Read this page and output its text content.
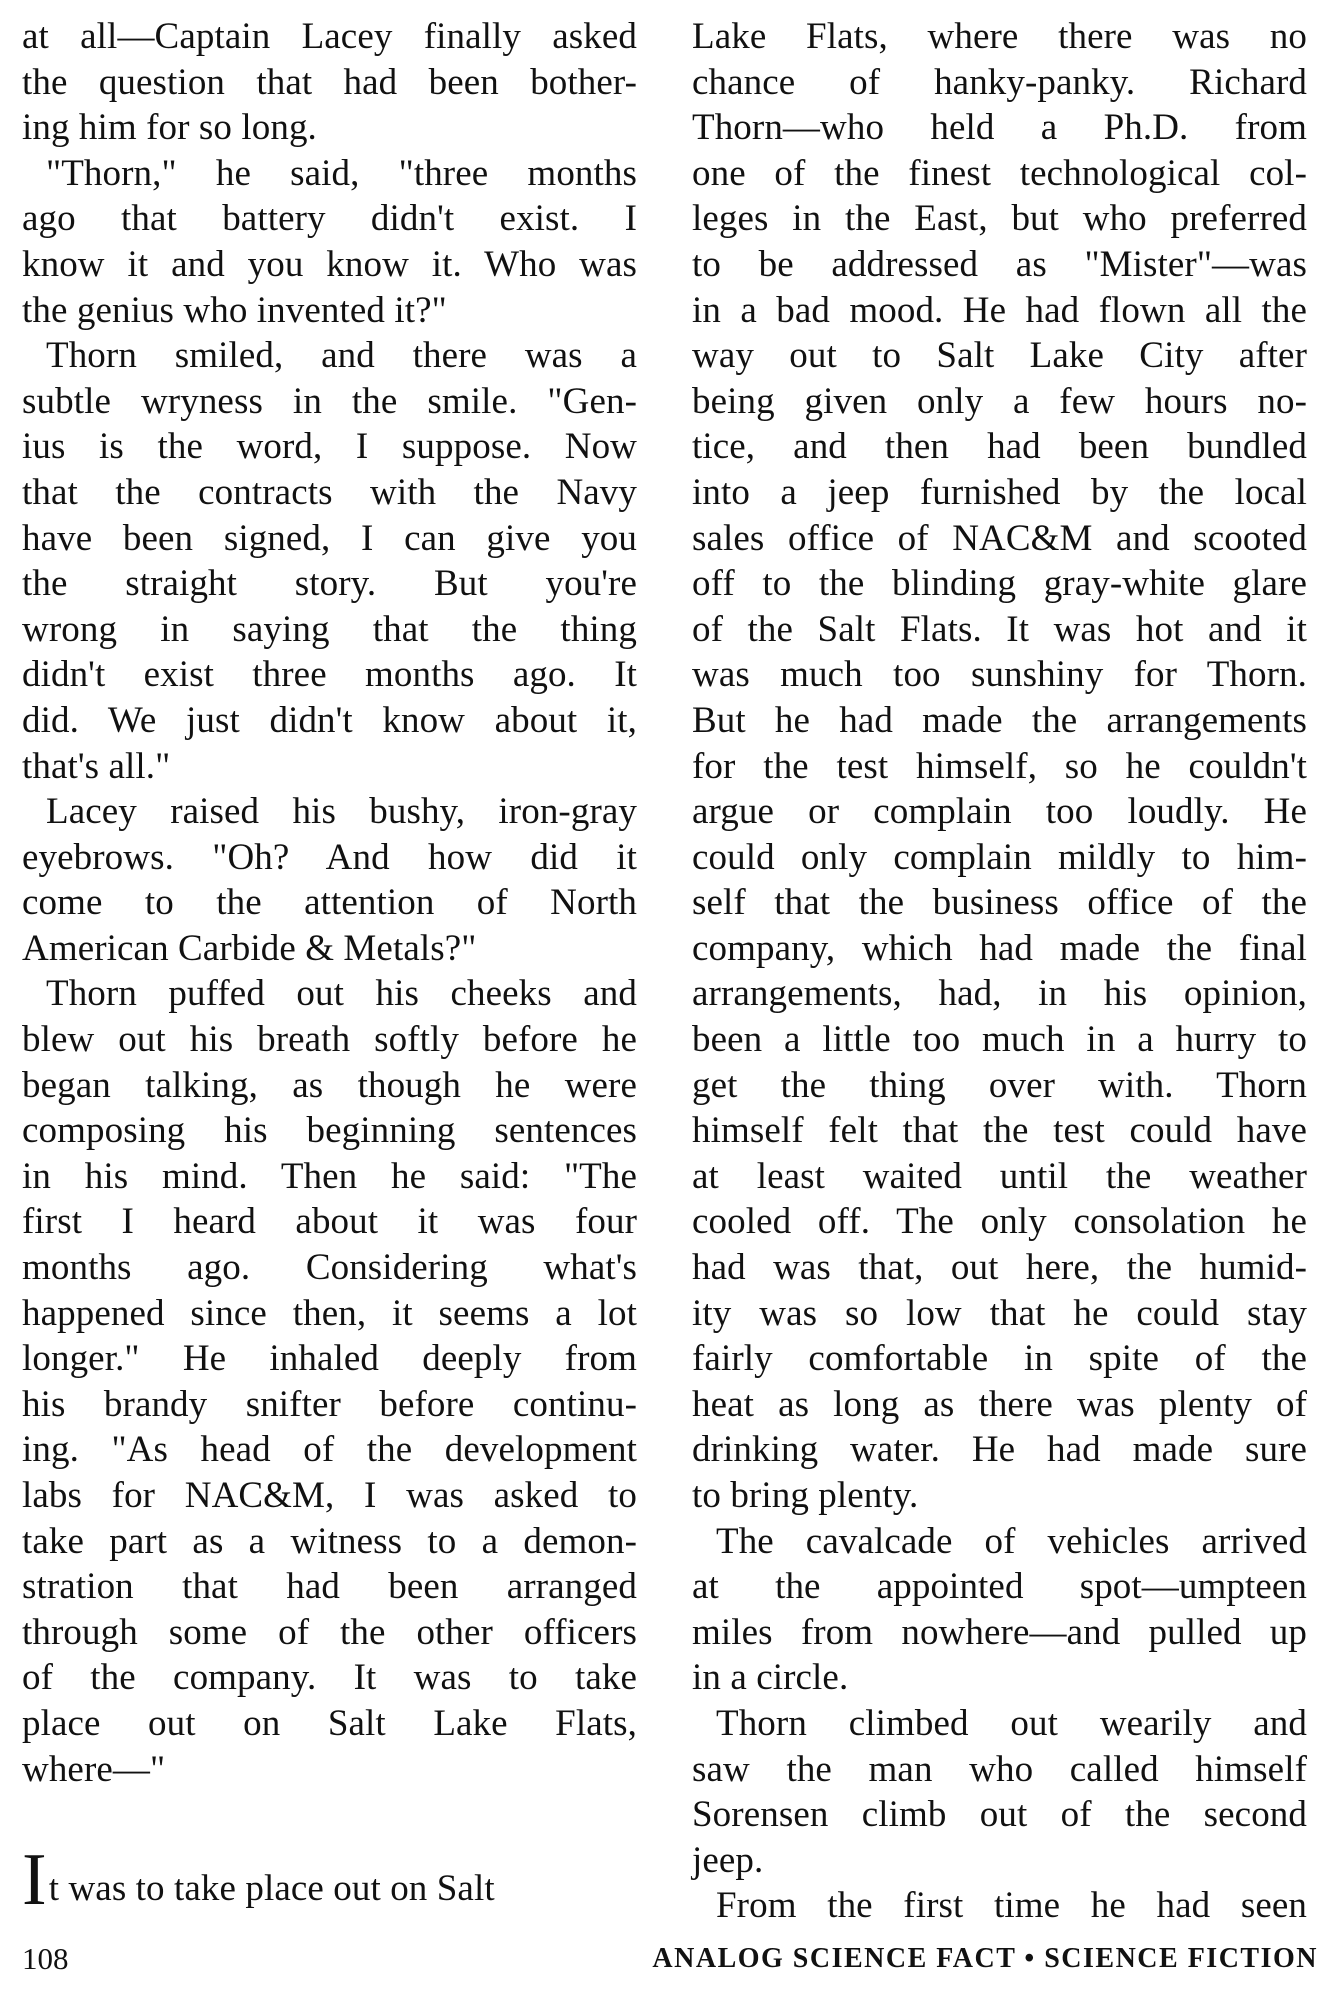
at all—Captain Lacey finally asked
the question that had been bother-
ing him for so long.
"Thorn," he said, "three months
ago that battery didn't exist. I
know it and you know it. Who was
the genius who invented it?"
Thorn smiled, and there was a
subtle wryness in the smile. "Gen-
ius is the word, I suppose. Now
that the contracts with the Navy
have been signed, I can give you
the straight story. But you're
wrong in saying that the thing
didn't exist three months ago. It
did. We just didn't know about it,
that's all."
Lacey raised his bushy, iron-gray
eyebrows. "Oh? And how did it
come to the attention of North
American Carbide & Metals?"
Thorn puffed out his cheeks and
blew out his breath softly before he
began talking, as though he were
composing his beginning sentences
in his mind. Then he said: "The
first I heard about it was four
months ago. Considering what's
happened since then, it seems a lot
longer." He inhaled deeply from
his brandy snifter before continu-
ing. "As head of the development
labs for NAC&M, I was asked to
take part as a witness to a demon-
stration that had been arranged
through some of the other officers
of the company. It was to take
place out on Salt Lake Flats,
where—"
It was to take place out on Salt
Lake Flats, where there was no
chance of hanky-panky. Richard
Thorn—who held a Ph.D. from
one of the finest technological col-
leges in the East, but who preferred
to be addressed as "Mister"—was
in a bad mood. He had flown all the
way out to Salt Lake City after
being given only a few hours no-
tice, and then had been bundled
into a jeep furnished by the local
sales office of NAC&M and scooted
off to the blinding gray-white glare
of the Salt Flats. It was hot and it
was much too sunshiny for Thorn.
But he had made the arrangements
for the test himself, so he couldn't
argue or complain too loudly. He
could only complain mildly to him-
self that the business office of the
company, which had made the final
arrangements, had, in his opinion,
been a little too much in a hurry to
get the thing over with. Thorn
himself felt that the test could have
at least waited until the weather
cooled off. The only consolation he
had was that, out here, the humid-
ity was so low that he could stay
fairly comfortable in spite of the
heat as long as there was plenty of
drinking water. He had made sure
to bring plenty.
The cavalcade of vehicles arrived
at the appointed spot—umpteen
miles from nowhere—and pulled up
in a circle.
Thorn climbed out wearily and
saw the man who called himself
Sorensen climb out of the second
jeep.
From the first time he had seen
108	ANALOG SCIENCE FACT • SCIENCE FICTION
